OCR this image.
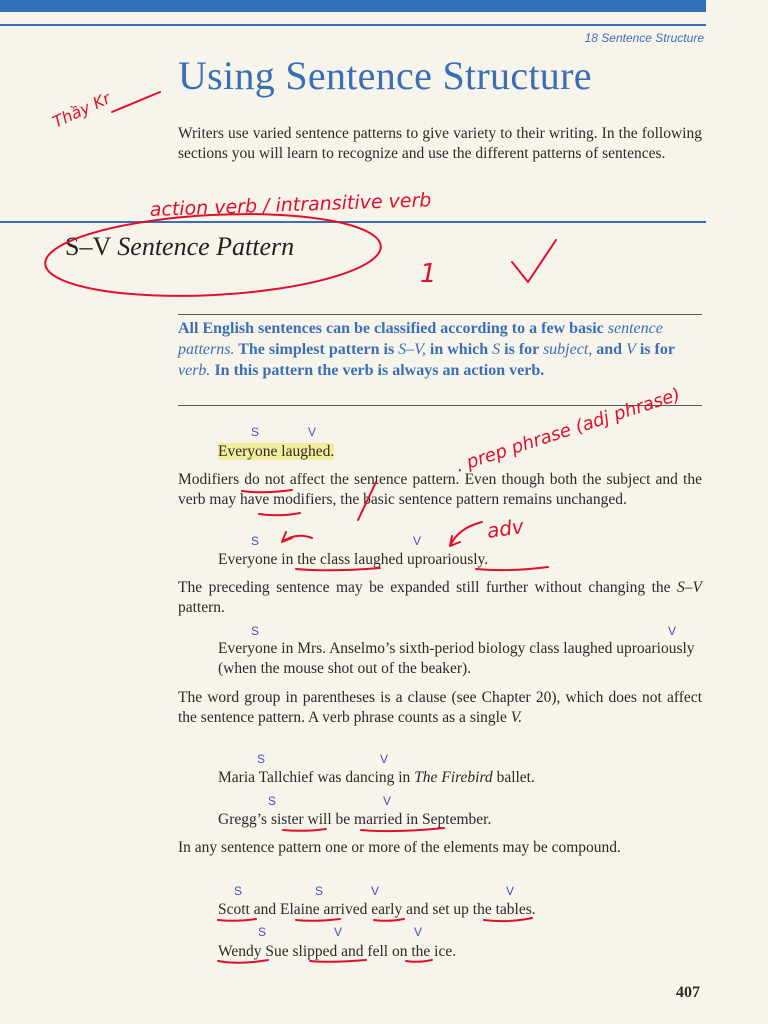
18 Sentence Structure
Using Sentence Structure
Writers use varied sentence patterns to give variety to their writing. In the following sections you will learn to recognize and use the different patterns of sentences.
S–V Sentence Pattern
All English sentences can be classified according to a few basic sentence patterns. The simplest pattern is S–V, in which S is for subject, and V is for verb. In this pattern the verb is always an action verb.
S	V
Everyone laughed.
Modifiers do not affect the sentence pattern. Even though both the subject and the verb may have modifiers, the basic sentence pattern remains unchanged.
S	V
Everyone in the class laughed uproariously.
The preceding sentence may be expanded still further without changing the S–V pattern.
S	V
Everyone in Mrs. Anselmo’s sixth-period biology class laughed uproariously (when the mouse shot out of the beaker).
The word group in parentheses is a clause (see Chapter 20), which does not affect the sentence pattern. A verb phrase counts as a single V.
S	V
Maria Tallchief was dancing in The Firebird ballet.
S	V
Gregg’s sister will be married in September.
In any sentence pattern one or more of the elements may be compound.
S	S	V	V
Scott and Elaine arrived early and set up the tables.
S	V	V
Wendy Sue slipped and fell on the ice.
407
Thầy Kr
action verb / intransitive verb
1
. prep phrase (adj phrase)
adv
